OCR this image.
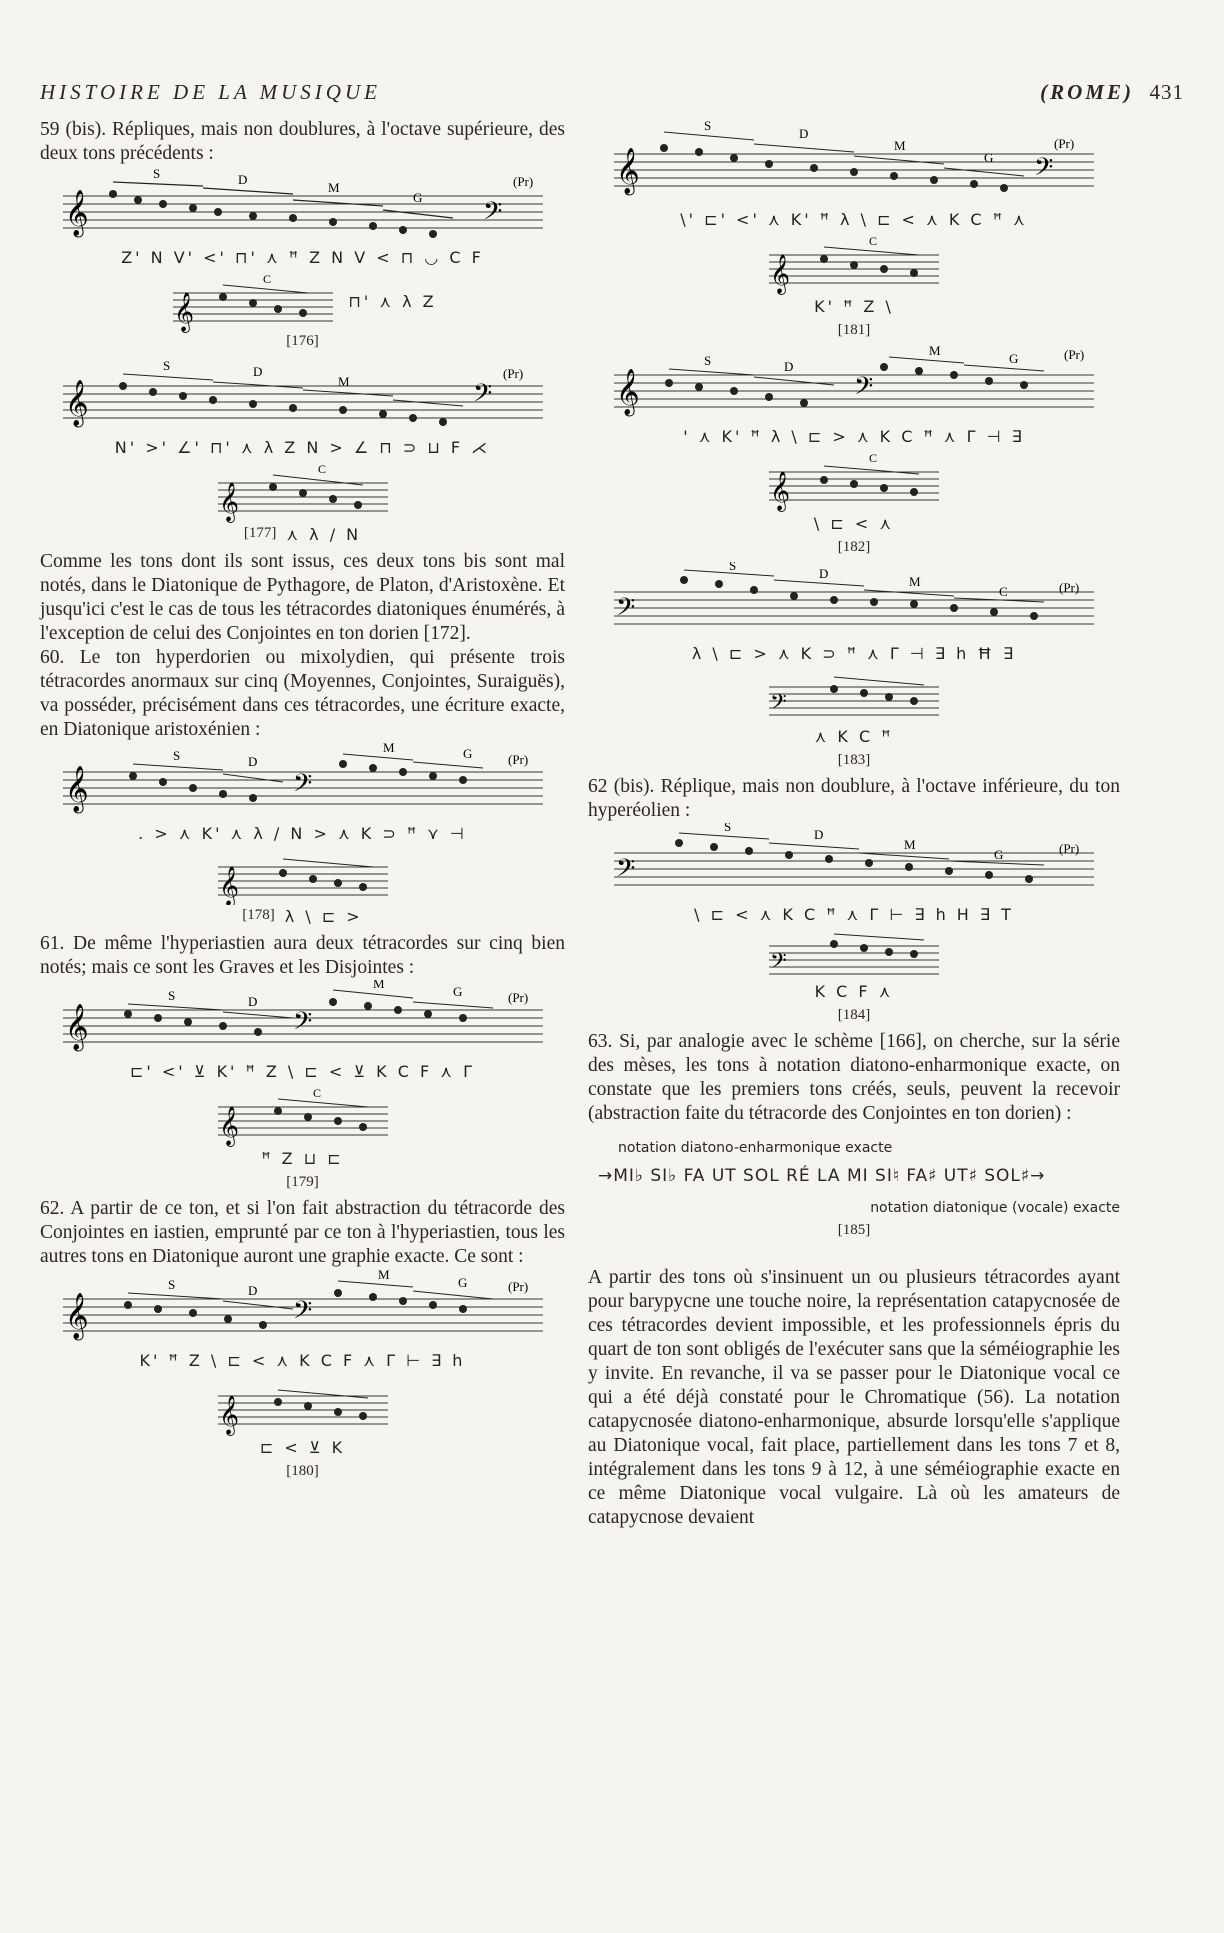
HISTOIRE DE LA MUSIQUE	(ROME) 431

59 (bis). Répliques, mais non doublures, à l'octave supérieure, des deux tons précédents :

𝄞	𝄢
S	D
M
G
(Pr)
Z' N V' <' ⊓' ⋏ ꟸ Z N V < ⊓ ◡ C F
𝄞
C
⊓' ⋏ λ Z
[176]
𝄞	𝄢
S	D
M
(Pr)
N' >' ∠' ⊓' ⋏ λ Z N > ∠ ⊓ ⊃ ⊔ F ⋌
𝄞
C
[177] ⋏ λ / N

Comme les tons dont ils sont issus, ces deux tons bis sont mal notés, dans le Diatonique de Pythagore, de Platon, d'Aristoxène. Et jusqu'ici c'est le cas de tous les tétracordes diatoniques énumérés, à l'exception de celui des Conjointes en ton dorien [172].

60. Le ton hyperdorien ou mixolydien, qui présente trois tétracordes anormaux sur cinq (Moyennes, Conjointes, Suraiguës), va posséder, précisément dans ces tétracordes, une écriture exacte, en Diatonique aristoxénien :

𝄞	𝄢
S	D
M	G	(Pr)
. > ⋏ K' ⋏ λ / N > ⋏ K ⊃ ꟸ ⋎ ⊣
𝄞
[178] λ \ ⊏ >

61. De même l'hyperiastien aura deux tétracordes sur cinq bien notés; mais ce sont les Graves et les Disjointes :

𝄞	𝄢
S	D
M
G	(Pr)
⊏' <' ⊻ K' ꟸ Z \ ⊏ < ⊻ K C F ⋏ Γ
𝄞
C
ꟸ Z ⊔ ⊏
[179]

62. A partir de ce ton, et si l'on fait abstraction du tétracorde des Conjointes en iastien, emprunté par ce ton à l'hyperiastien, tous les autres tons en Diatonique auront une graphie exacte. Ce sont :

𝄞	𝄢
S	D
M
G	(Pr)
K' ꟸ Z \ ⊏ < ⋏ K C F ⋏ Γ ⊢ ∃ h
𝄞
⊏ < ⊻ K
[180]
𝄞	𝄢
S
D
M
G
(Pr)
\' ⊏' <' ⋏ K' ꟸ λ \ ⊏ < ⋏ K C ꟸ ⋏
𝄞
C
K' ꟸ Z \
[181]
𝄞	𝄢
S	D
M
G	(Pr)
' ⋏ K' ꟸ λ \ ⊏ > ⋏ K C ꟸ ⋏ Γ ⊣ ∃
𝄞
C
\ ⊏ < ⋏
[182]
𝄢
S
D
M
C	(Pr)
λ \ ⊏ > ⋏ K ⊃ ꟸ ⋏ Γ ⊣ ∃ h Ħ ∃
𝄢
⋏ K C ꟸ
[183]

62 (bis). Réplique, mais non doublure, à l'octave inférieure, du ton hyperéolien :

𝄢
S
D
M
G	(Pr)
\ ⊏ < ⋏ K C ꟸ ⋏ Γ ⊢ ∃ h H ∃ T
𝄢
K C F ⋏
[184]

63. Si, par analogie avec le schème [166], on cherche, sur la série des mèses, les tons à notation diatono-enharmonique exacte, on constate que les premiers tons créés, seuls, peuvent la recevoir (abstraction faite du tétracorde des Conjointes en ton dorien) :

notation diatono-enharmonique exacte
→MI♭ SI♭ FA UT SOL RÉ LA MI SI♮ FA♯ UT♯ SOL♯→
notation diatonique (vocale) exacte
[185]

A partir des tons où s'insinuent un ou plusieurs tétracordes ayant pour barypycne une touche noire, la représentation catapycnosée de ces tétracordes devient impossible, et les professionnels épris du quart de ton sont obligés de l'exécuter sans que la séméiographie les y invite. En revanche, il va se passer pour le Diatonique vocal ce qui a été déjà constaté pour le Chromatique (56). La notation catapycnosée diatono-enharmonique, absurde lorsqu'elle s'applique au Diatonique vocal, fait place, partiellement dans les tons 7 et 8, intégralement dans les tons 9 à 12, à une séméiographie exacte en ce même Diatonique vocal vulgaire. Là où les amateurs de catapycnose devaient
